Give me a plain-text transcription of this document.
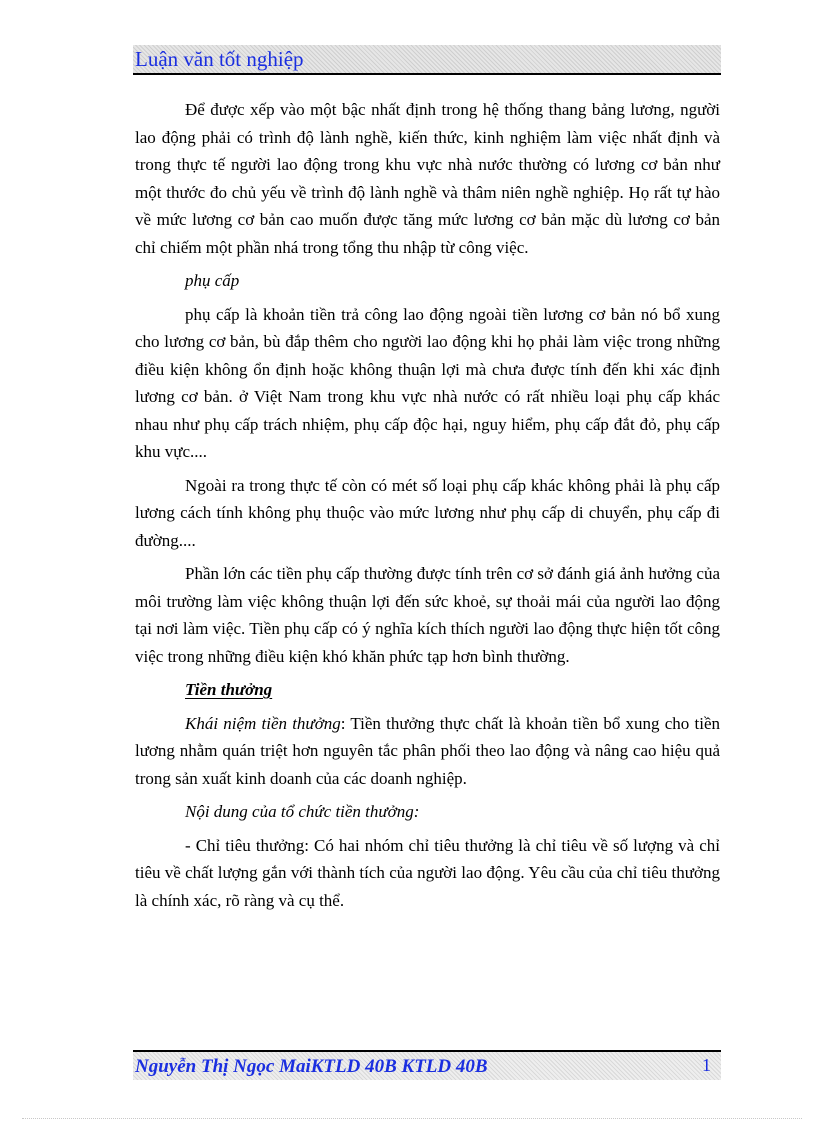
Luận văn tốt nghiệp

Để được xếp vào một bậc nhất định trong hệ thống thang bảng lương, người lao động phải có trình độ lành nghề, kiến thức, kinh nghiệm làm việc nhất định và trong thực tế người lao động trong khu vực nhà nước thường có lương cơ bản như một thước đo chủ yếu về trình độ lành nghề và thâm niên nghề nghiệp. Họ rất tự hào về mức lương cơ bản cao muốn được tăng mức lương cơ bản mặc dù lương cơ bản chỉ chiếm một phần nhá trong tổng thu nhập từ công việc.

phụ cấp

phụ cấp là khoản tiền trả công lao động ngoài tiền lương cơ bản nó bổ xung cho lương cơ bản, bù đắp thêm cho người lao động khi họ phải làm việc trong những điều kiện không ổn định hoặc không thuận lợi mà chưa được tính đến khi xác định lương cơ bản. ở Việt Nam trong khu vực nhà nước có rất nhiều loại phụ cấp khác nhau như phụ cấp trách nhiệm, phụ cấp độc hại, nguy hiểm, phụ cấp đắt đỏ, phụ cấp khu vực....

Ngoài ra trong thực tế còn có mét số loại phụ cấp khác không phải là phụ cấp lương cách tính không phụ thuộc vào mức lương như phụ cấp di chuyển, phụ cấp đi đường....

Phần lớn các tiền phụ cấp thường được tính trên cơ sở đánh giá ảnh hưởng của môi trường làm việc không thuận lợi đến sức khoẻ, sự thoải mái của người lao động tại nơi làm việc. Tiền phụ cấp có ý nghĩa kích thích người lao động thực hiện tốt công việc trong những điều kiện khó khăn phức tạp hơn bình thường.

Tiền thưởng

Khái niệm tiền thưởng: Tiền thưởng thực chất là khoản tiền bổ xung cho tiền lương nhằm quán triệt hơn nguyên tắc phân phối theo lao động và nâng cao hiệu quả trong sản xuất kinh doanh của các doanh nghiệp.

Nội dung của tổ chức tiền thưởng:

- Chỉ tiêu thưởng: Có hai nhóm chỉ tiêu thưởng là chỉ tiêu về số lượng và chỉ tiêu về chất lượng gắn với thành tích của người lao động. Yêu cầu của chỉ tiêu thưởng là chính xác, rõ ràng và cụ thể.

Nguyễn Thị Ngọc MaiKTLD 40B KTLD 40B	1
